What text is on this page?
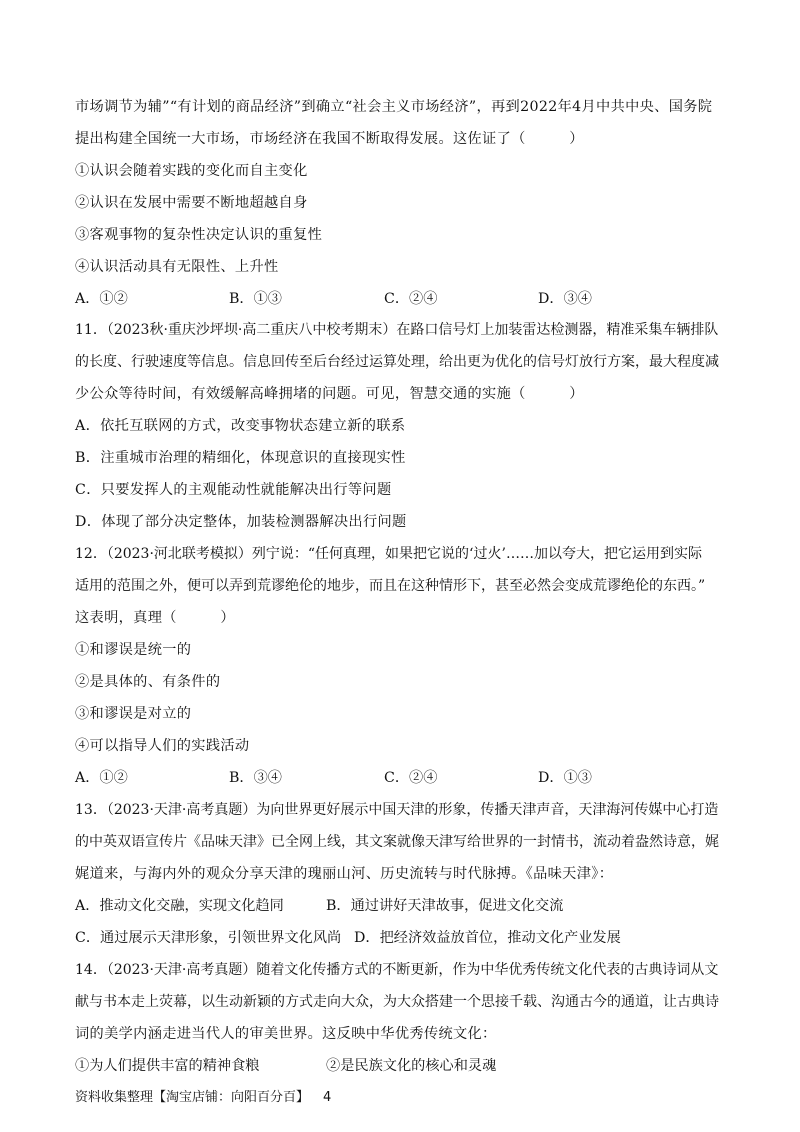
市场调节为辅”“有计划的商品经济”到确立“社会主义市场经济”，再到2022年4月中共中央、国务院
提出构建全国统一大市场，市场经济在我国不断取得发展。这佐证了（　　　）
①认识会随着实践的变化而自主变化
②认识在发展中需要不断地超越自身
③客观事物的复杂性决定认识的重复性
④认识活动具有无限性、上升性
A．①②	B．①③	C．②④	D．③④
11．（2023秋·重庆沙坪坝·高二重庆八中校考期末）在路口信号灯上加装雷达检测器，精准采集车辆排队
的长度、行驶速度等信息。信息回传至后台经过运算处理，给出更为优化的信号灯放行方案，最大程度减
少公众等待时间，有效缓解高峰拥堵的问题。可见，智慧交通的实施（　　　）
A．依托互联网的方式，改变事物状态建立新的联系
B．注重城市治理的精细化，体现意识的直接现实性
C．只要发挥人的主观能动性就能解决出行等问题
D．体现了部分决定整体，加装检测器解决出行问题
12．（2023·河北联考模拟）列宁说：“任何真理，如果把它说的‘过火’……加以夸大，把它运用到实际
适用的范围之外，便可以弄到荒谬绝伦的地步，而且在这种情形下，甚至必然会变成荒谬绝伦的东西。”
这表明，真理（　　　）
①和谬误是统一的
②是具体的、有条件的
③和谬误是对立的
④可以指导人们的实践活动
A．①②	B．③④	C．②④	D．①③
13．（2023·天津·高考真题）为向世界更好展示中国天津的形象，传播天津声音，天津海河传媒中心打造
的中英双语宣传片《品味天津》已全网上线，其文案就像天津写给世界的一封情书，流动着盎然诗意，娓
娓道来，与海内外的观众分享天津的瑰丽山河、历史流转与时代脉搏。《品味天津》：
A．推动文化交融，实现文化趋同	B．通过讲好天津故事，促进文化交流
C．通过展示天津形象，引领世界文化风尚 D．把经济效益放首位，推动文化产业发展
14．（2023·天津·高考真题）随着文化传播方式的不断更新，作为中华优秀传统文化代表的古典诗词从文
献与书本走上荧幕，以生动新颖的方式走向大众，为大众搭建一个思接千载、沟通古今的通道，让古典诗
词的美学内涵走进当代人的审美世界。这反映中华优秀传统文化：
①为人们提供丰富的精神食粮	②是民族文化的核心和灵魂
资料收集整理【淘宝店铺：向阳百分百】 4
